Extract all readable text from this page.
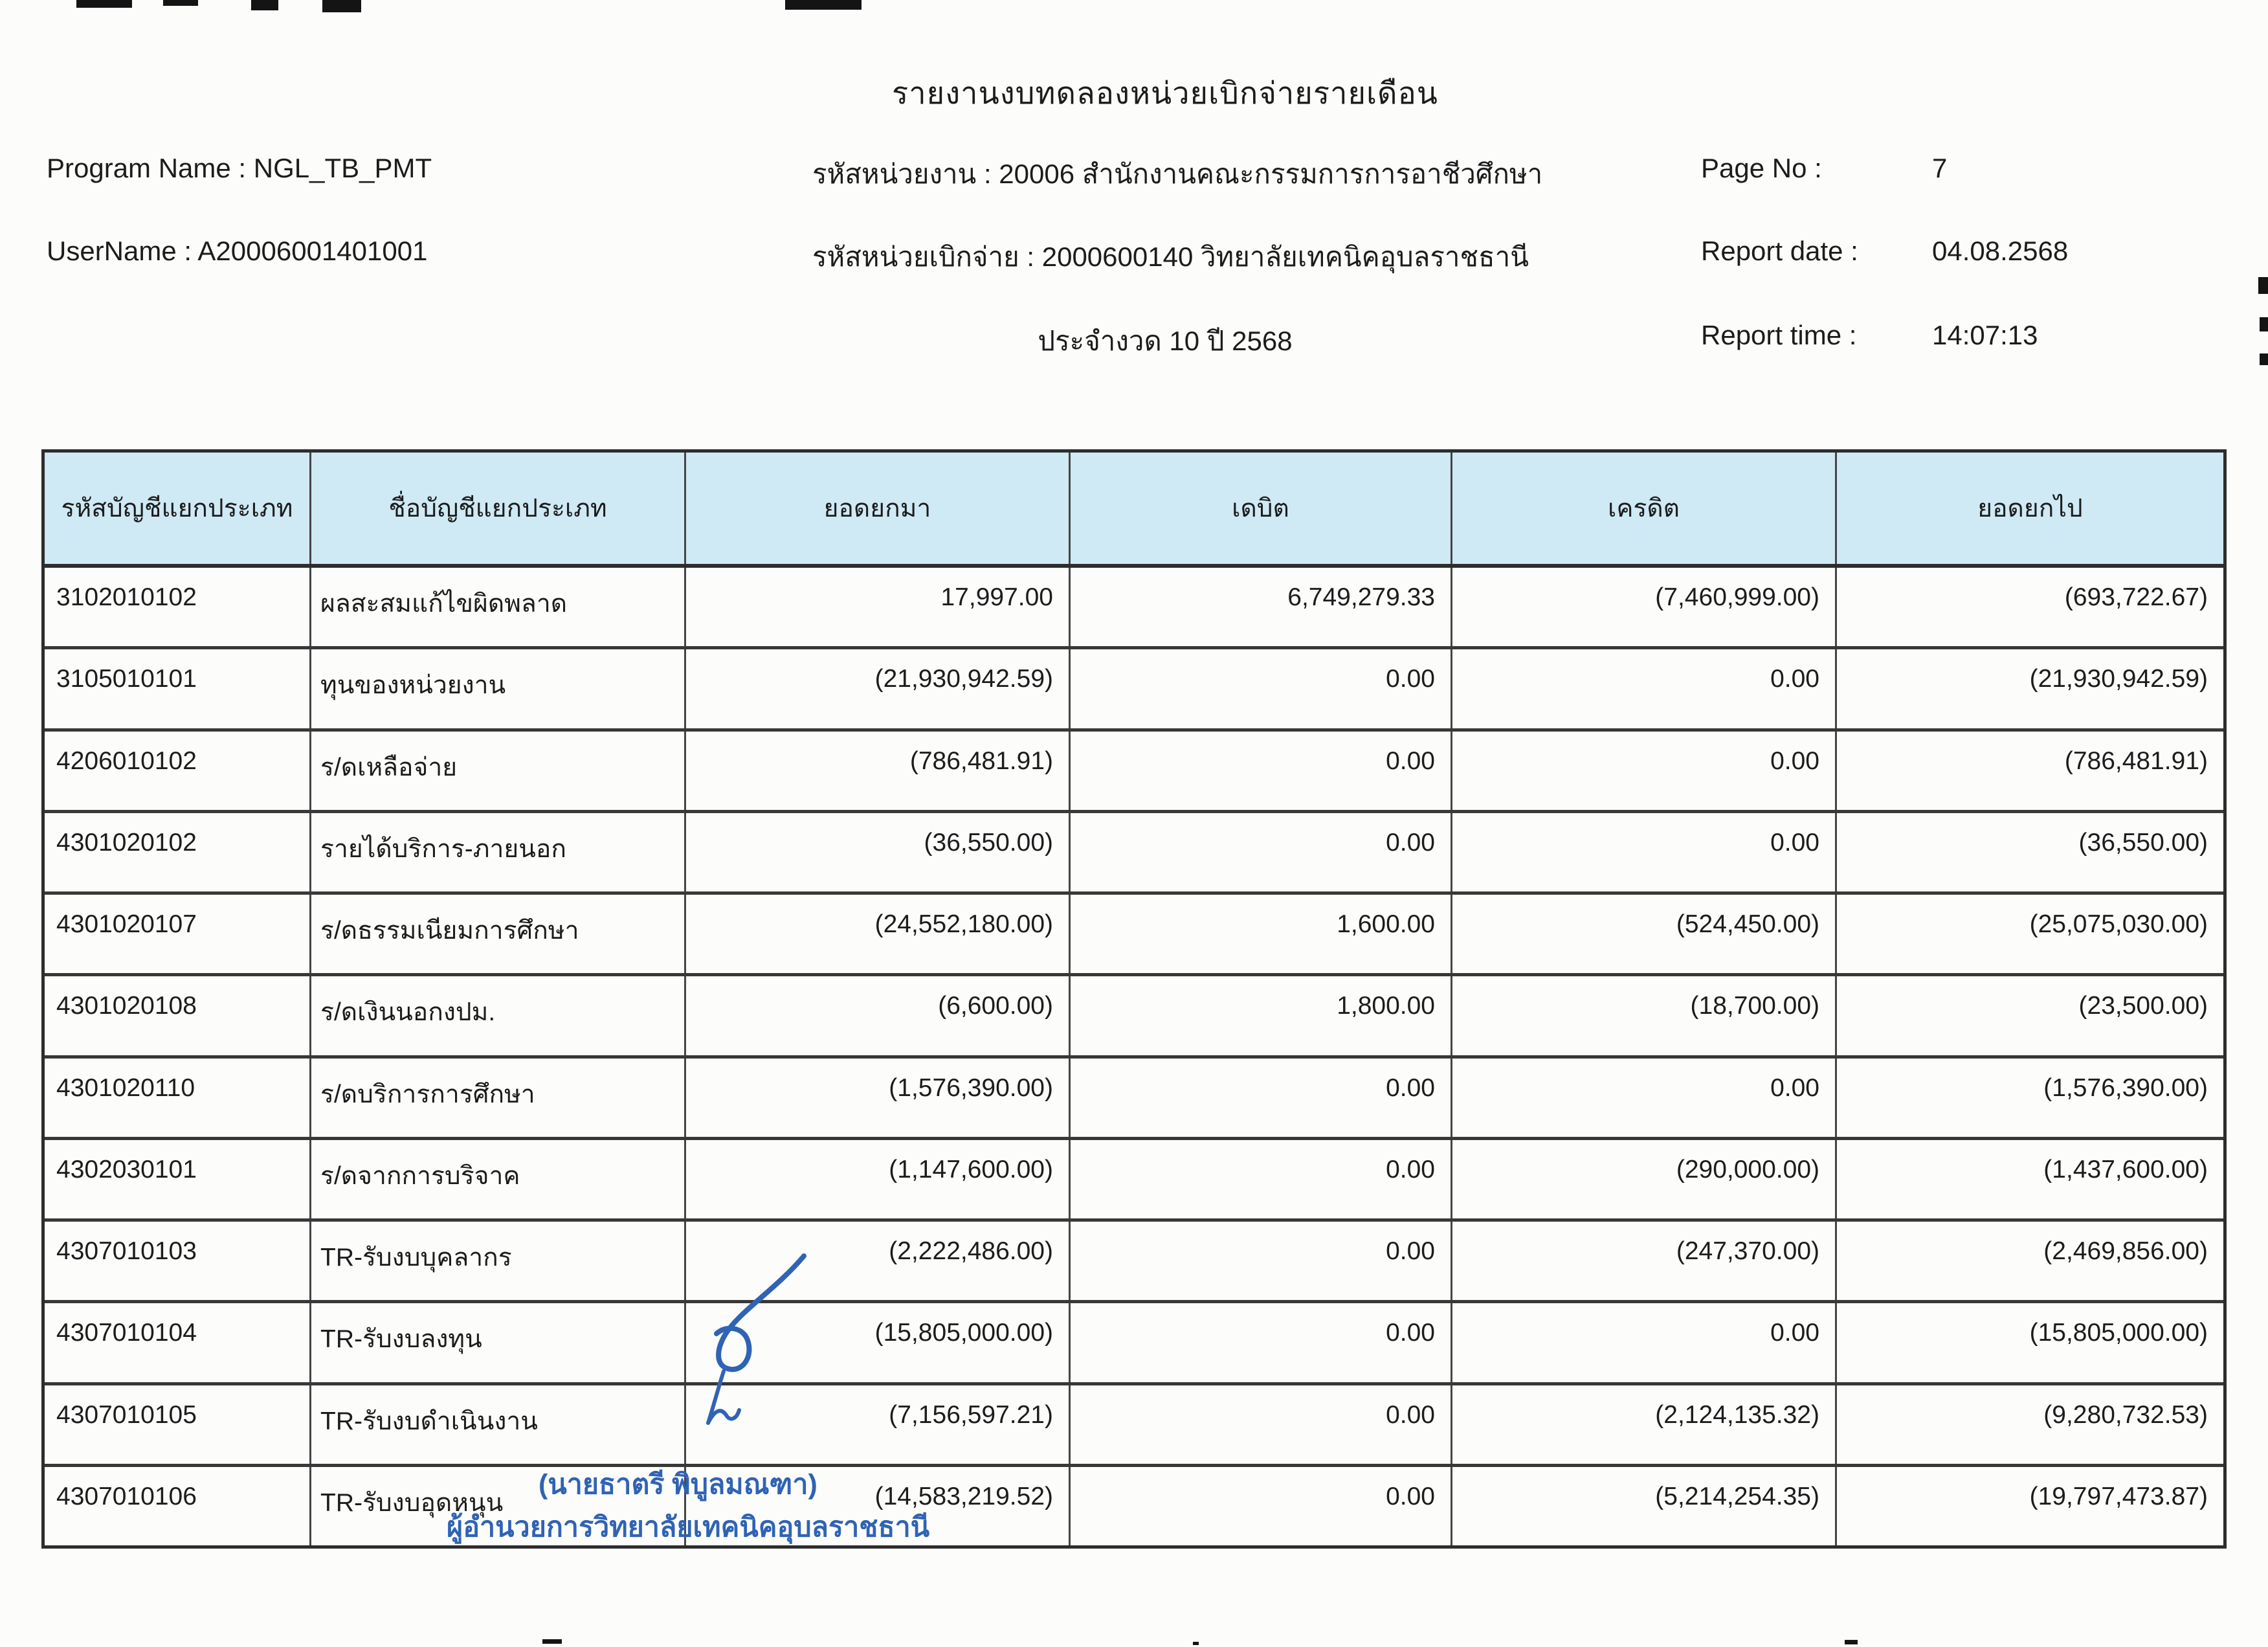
รายงานงบทดลองหน่วยเบิกจ่ายรายเดือน
Program Name : NGL_TB_PMT	รหัสหน่วยงาน : 20006 สำนักงานคณะกรรมการการอาชีวศึกษา	Page No :	7
UserName : A20006001401001	รหัสหน่วยเบิกจ่าย : 2000600140 วิทยาลัยเทคนิคอุบลราชธานี	Report date :	04.08.2568
ประจำงวด 10 ปี 2568	Report time :	14:07:13
รหัสบัญชีแยกประเภท	ชื่อบัญชีแยกประเภท	ยอดยกมา	เดบิต	เครดิต	ยอดยกไป
3102010102	ผลสะสมแก้ไขผิดพลาด	17,997.00	6,749,279.33	(7,460,999.00)	(693,722.67)
3105010101	ทุนของหน่วยงาน	(21,930,942.59)	0.00	0.00	(21,930,942.59)
4206010102	ร/ดเหลือจ่าย	(786,481.91)	0.00	0.00	(786,481.91)
4301020102	รายได้บริการ-ภายนอก	(36,550.00)	0.00	0.00	(36,550.00)
4301020107	ร/ดธรรมเนียมการศึกษา	(24,552,180.00)	1,600.00	(524,450.00)	(25,075,030.00)
4301020108	ร/ดเงินนอกงปม.	(6,600.00)	1,800.00	(18,700.00)	(23,500.00)
4301020110	ร/ดบริการการศึกษา	(1,576,390.00)	0.00	0.00	(1,576,390.00)
4302030101	ร/ดจากการบริจาค	(1,147,600.00)	0.00	(290,000.00)	(1,437,600.00)
4307010103	TR-รับงบบุคลากร	(2,222,486.00)	0.00	(247,370.00)	(2,469,856.00)
4307010104	TR-รับงบลงทุน	(15,805,000.00)	0.00	0.00	(15,805,000.00)
4307010105	TR-รับงบดำเนินงาน	(7,156,597.21)	0.00	(2,124,135.32)	(9,280,732.53)
4307010106	TR-รับงบอุดหนุน	(14,583,219.52)	0.00	(5,214,254.35)	(19,797,473.87)
(นายธาตรี พิบูลมณฑา)
ผู้อำนวยการวิทยาลัยเทคนิคอุบลราชธานี
